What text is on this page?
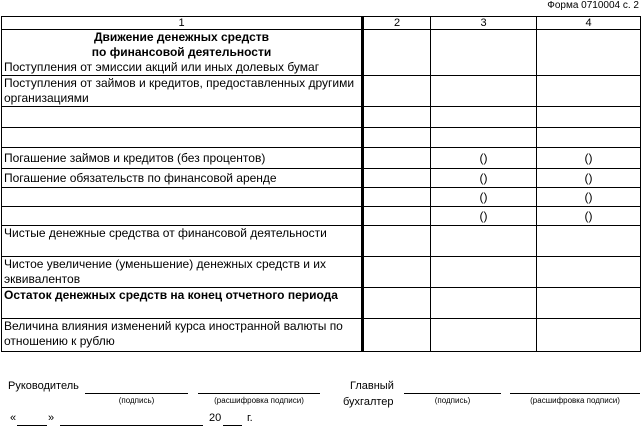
Форма 0710004 с. 2
1	2	3	4

Движение денежных средств
по финансовой деятельности
Поступления от эмиссии акций или иных долевых бумаг			
Поступления от займов и кредитов, предоставленных другими организациями			

Погашение займов и кредитов (без процентов)		()	()
Погашение обязательств по финансовой аренде		()	()
		()	()
		()	()
Чистые денежные средства от финансовой деятельности			
Чистое увеличение (уменьшение) денежных средств и их эквивалентов			
Остаток денежных средств на конец отчетного периода			
Величина влияния изменений курса иностранной валюты по отношению к рублю			
Руководитель
(подпись)	(расшифровка подписи)
Главный
бухгалтер	(подпись)	(расшифровка подписи)
«	»	20 г.
